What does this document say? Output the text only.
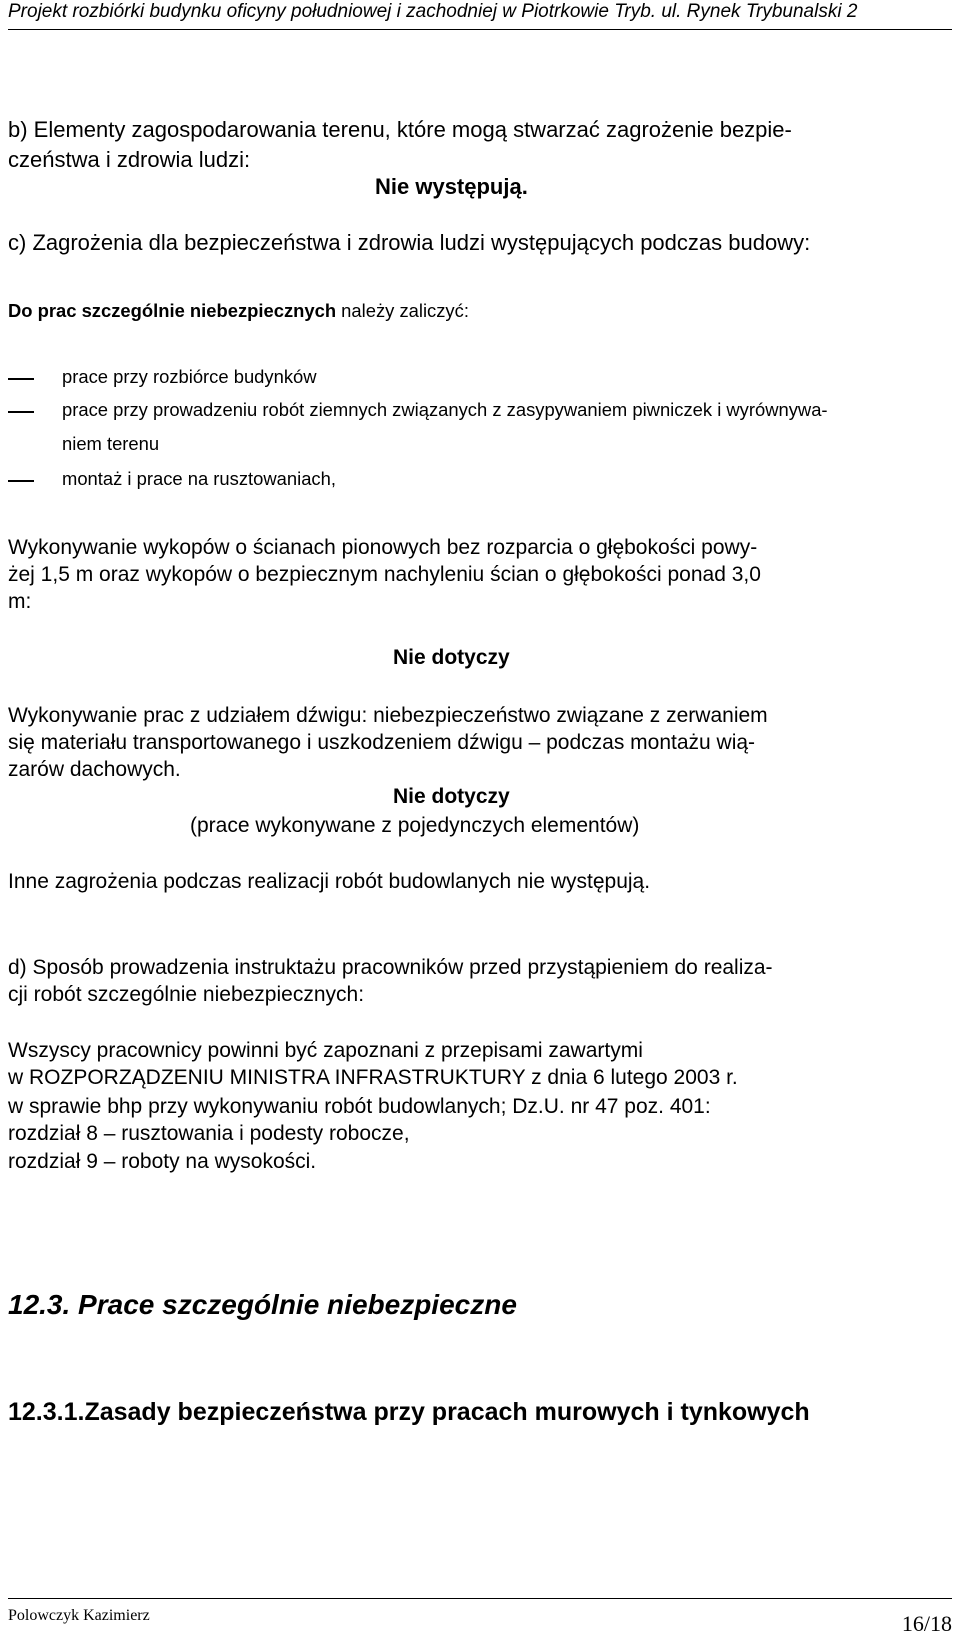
Projekt rozbiórki budynku oficyny południowej i zachodniej w Piotrkowie Tryb. ul. Rynek Trybunalski 2
b) Elementy zagospodarowania terenu, które mogą stwarzać zagrożenie bezpie-
czeństwa i zdrowia ludzi:
Nie występują.
c) Zagrożenia dla bezpieczeństwa i zdrowia ludzi występujących podczas budowy:
Do prac szczególnie niebezpiecznych należy zaliczyć:
prace przy rozbiórce budynków
prace przy prowadzeniu robót ziemnych związanych z zasypywaniem piwniczek i wyrównywa-
niem terenu
montaż i prace na rusztowaniach,
Wykonywanie wykopów o ścianach pionowych bez rozparcia o głębokości powy-
żej 1,5 m oraz wykopów o bezpiecznym nachyleniu ścian o głębokości ponad 3,0
m:
Nie dotyczy
Wykonywanie prac z udziałem dźwigu: niebezpieczeństwo związane z zerwaniem
się materiału transportowanego i uszkodzeniem dźwigu – podczas montażu wią-
zarów dachowych.
Nie dotyczy
(prace wykonywane z pojedynczych elementów)
Inne zagrożenia podczas realizacji robót budowlanych nie występują.
d) Sposób prowadzenia instruktażu pracowników przed przystąpieniem do realiza-
cji robót szczególnie niebezpiecznych:
Wszyscy pracownicy powinni być zapoznani z przepisami zawartymi
w ROZPORZĄDZENIU MINISTRA INFRASTRUKTURY z dnia 6 lutego 2003 r.
w sprawie bhp przy wykonywaniu robót budowlanych; Dz.U. nr 47 poz. 401:
rozdział 8 – rusztowania i podesty robocze,
rozdział 9 – roboty na wysokości.
12.3. Prace szczególnie niebezpieczne
12.3.1.Zasady bezpieczeństwa przy pracach murowych i tynkowych
Polowczyk Kazimierz	16/18
